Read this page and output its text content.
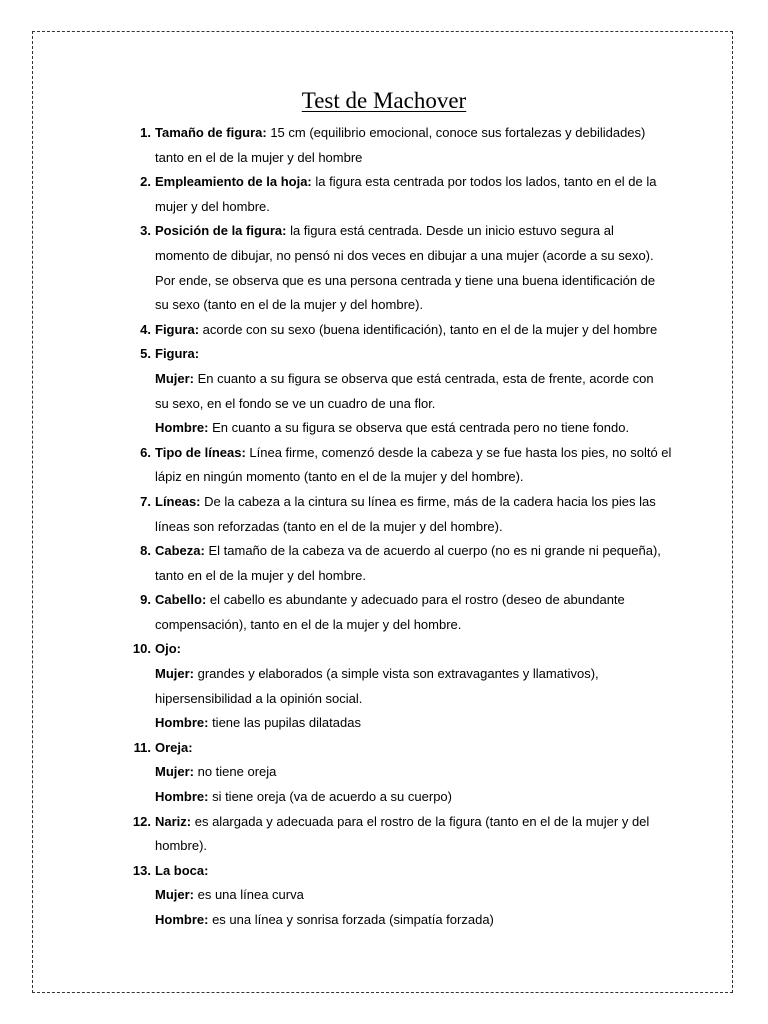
Test de Machover
1. Tamaño de figura: 15 cm (equilibrio emocional, conoce sus fortalezas y debilidades)
tanto en el de la mujer y del hombre
2. Empleamiento de la hoja: la figura esta centrada por todos los lados, tanto en el de la
mujer y del hombre.
3. Posición de la figura: la figura está centrada. Desde un inicio estuvo segura al
momento de dibujar, no pensó ni dos veces en dibujar a una mujer (acorde a su sexo).
Por ende, se observa que es una persona centrada y tiene una buena identificación de
su sexo (tanto en el de la mujer y del hombre).
4. Figura: acorde con su sexo (buena identificación), tanto en el de la mujer y del hombre
5. Figura:
Mujer: En cuanto a su figura se observa que está centrada, esta de frente, acorde con
su sexo, en el fondo se ve un cuadro de una flor.
Hombre: En cuanto a su figura se observa que está centrada pero no tiene fondo.
6. Tipo de líneas: Línea firme, comenzó desde la cabeza y se fue hasta los pies, no soltó el
lápiz en ningún momento (tanto en el de la mujer y del hombre).
7. Líneas: De la cabeza a la cintura su línea es firme, más de la cadera hacia los pies las
líneas son reforzadas (tanto en el de la mujer y del hombre).
8. Cabeza: El tamaño de la cabeza va de acuerdo al cuerpo (no es ni grande ni pequeña),
tanto en el de la mujer y del hombre.
9. Cabello: el cabello es abundante y adecuado para el rostro (deseo de abundante
compensación), tanto en el de la mujer y del hombre.
10. Ojo:
Mujer: grandes y elaborados (a simple vista son extravagantes y llamativos),
hipersensibilidad a la opinión social.
Hombre: tiene las pupilas dilatadas
11. Oreja:
Mujer: no tiene oreja
Hombre: si tiene oreja (va de acuerdo a su cuerpo)
12. Nariz: es alargada y adecuada para el rostro de la figura (tanto en el de la mujer y del
hombre).
13. La boca:
Mujer: es una línea curva
Hombre: es una línea y sonrisa forzada (simpatía forzada)
